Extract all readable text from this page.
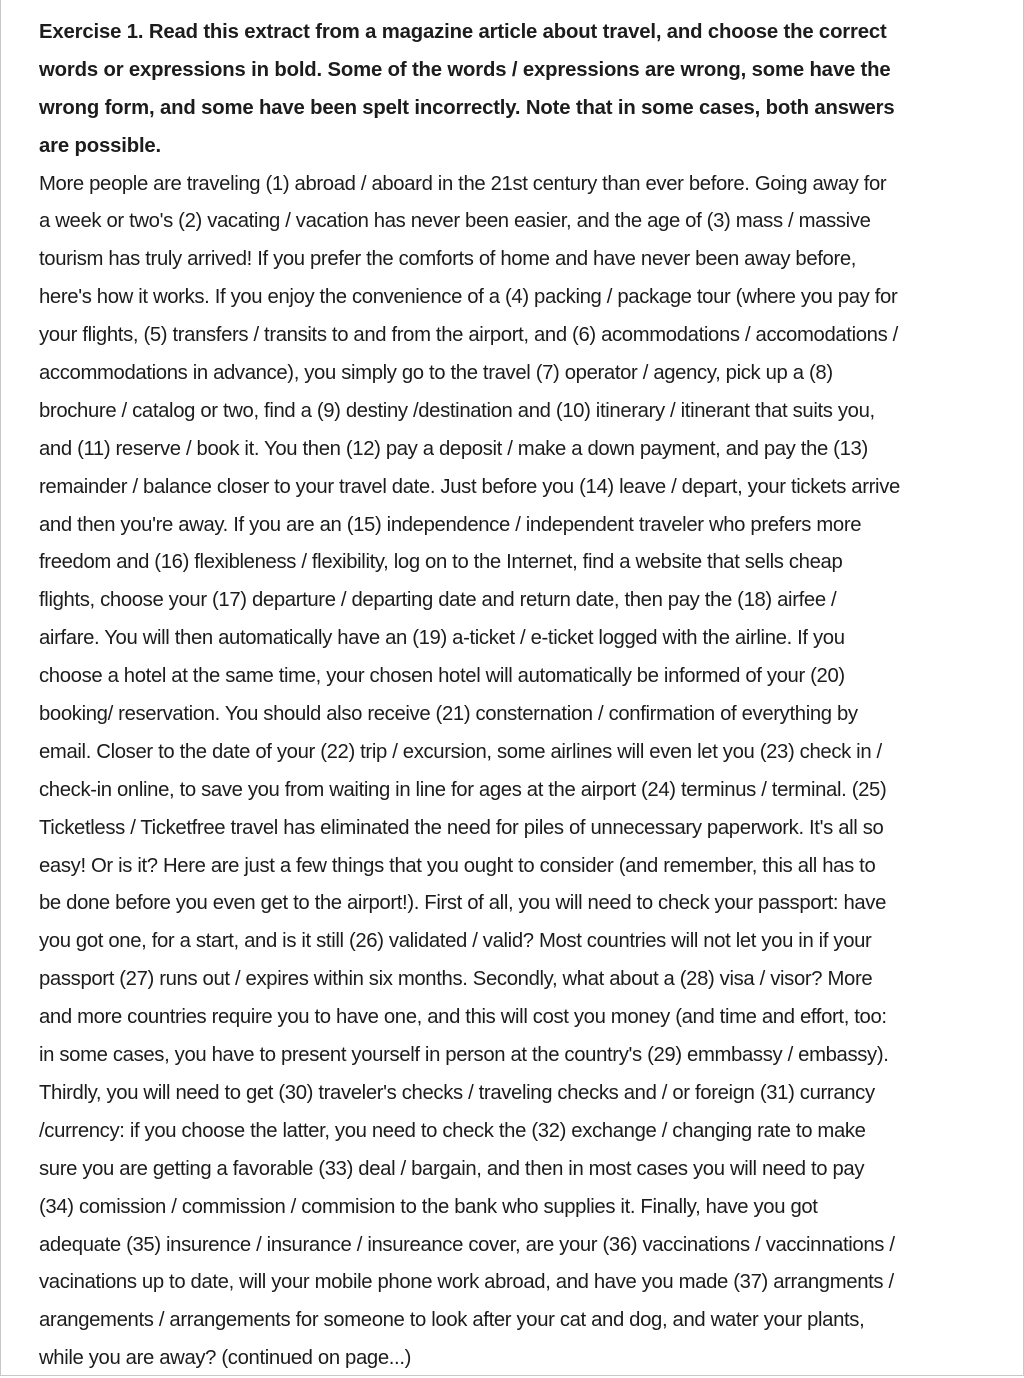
Exercise 1. Read this extract from a magazine article about travel, and choose the correct
words or expressions in bold. Some of the words / expressions are wrong, some have the
wrong form, and some have been spelt incorrectly. Note that in some cases, both answers
are possible.
More people are traveling (1) abroad / aboard in the 21st century than ever before. Going away for
a week or two's (2) vacating / vacation has never been easier, and the age of (3) mass / massive
tourism has truly arrived! If you prefer the comforts of home and have never been away before,
here's how it works. If you enjoy the convenience of a (4) packing / package tour (where you pay for
your flights, (5) transfers / transits to and from the airport, and (6) acommodations / accomodations /
accommodations in advance), you simply go to the travel (7) operator / agency, pick up a (8)
brochure / catalog or two, find a (9) destiny /destination and (10) itinerary / itinerant that suits you,
and (11) reserve / book it. You then (12) pay a deposit / make a down payment, and pay the (13)
remainder / balance closer to your travel date. Just before you (14) leave / depart, your tickets arrive
and then you're away. If you are an (15) independence / independent traveler who prefers more
freedom and (16) flexibleness / flexibility, log on to the Internet, find a website that sells cheap
flights, choose your (17) departure / departing date and return date, then pay the (18) airfee /
airfare. You will then automatically have an (19) a-ticket / e-ticket logged with the airline. If you
choose a hotel at the same time, your chosen hotel will automatically be informed of your (20)
booking/ reservation. You should also receive (21) consternation / confirmation of everything by
email. Closer to the date of your (22) trip / excursion, some airlines will even let you (23) check in /
check-in online, to save you from waiting in line for ages at the airport (24) terminus / terminal. (25)
Ticketless / Ticketfree travel has eliminated the need for piles of unnecessary paperwork. It's all so
easy! Or is it? Here are just a few things that you ought to consider (and remember, this all has to
be done before you even get to the airport!). First of all, you will need to check your passport: have
you got one, for a start, and is it still (26) validated / valid? Most countries will not let you in if your
passport (27) runs out / expires within six months. Secondly, what about a (28) visa / visor? More
and more countries require you to have one, and this will cost you money (and time and effort, too:
in some cases, you have to present yourself in person at the country's (29) emmbassy / embassy).
Thirdly, you will need to get (30) traveler's checks / traveling checks and / or foreign (31) currancy
/currency: if you choose the latter, you need to check the (32) exchange / changing rate to make
sure you are getting a favorable (33) deal / bargain, and then in most cases you will need to pay
(34) comission / commission / commision to the bank who supplies it. Finally, have you got
adequate (35) insurence / insurance / insureance cover, are your (36) vaccinations / vaccinnations /
vacinations up to date, will your mobile phone work abroad, and have you made (37) arrangments /
arangements / arrangements for someone to look after your cat and dog, and water your plants,
while you are away? (continued on page...)
